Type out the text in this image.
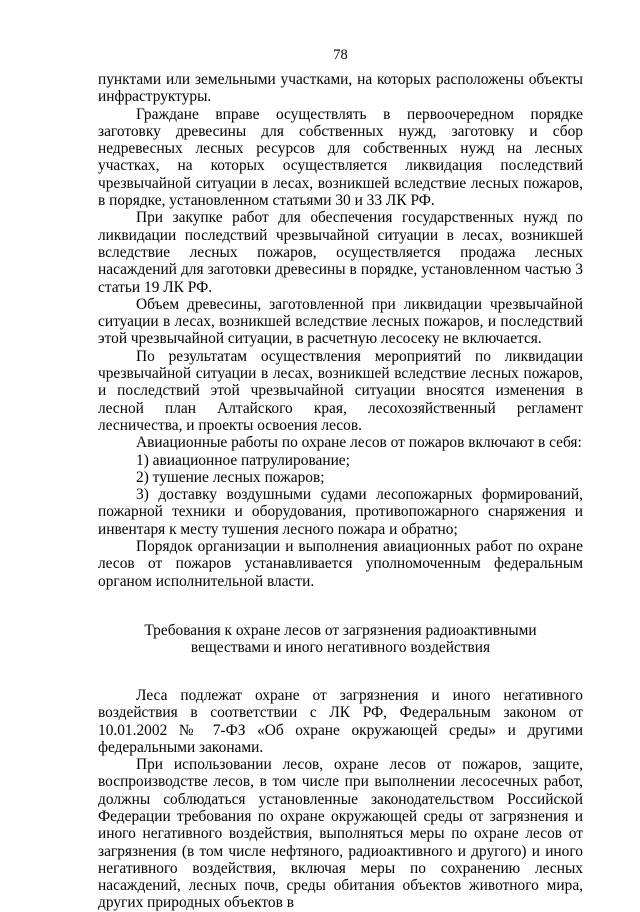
78

пунктами или земельными участками, на которых расположены объекты инфраструктуры.

Граждане вправе осуществлять в первоочередном порядке заготовку древесины для собственных нужд, заготовку и сбор недревесных лесных ресурсов для собственных нужд на лесных участках, на которых осуществляется ликвидация последствий чрезвычайной ситуации в лесах, возникшей вследствие лесных пожаров, в порядке, установленном статьями 30 и 33 ЛК РФ.

При закупке работ для обеспечения государственных нужд по ликвидации последствий чрезвычайной ситуации в лесах, возникшей вследствие лесных пожаров, осуществляется продажа лесных насаждений для заготовки древесины в порядке, установленном частью 3 статьи 19 ЛК РФ.

Объем древесины, заготовленной при ликвидации чрезвычайной ситуации в лесах, возникшей вследствие лесных пожаров, и последствий этой чрезвычайной ситуации, в расчетную лесосеку не включается.

По результатам осуществления мероприятий по ликвидации чрезвычайной ситуации в лесах, возникшей вследствие лесных пожаров, и последствий этой чрезвычайной ситуации вносятся изменения в лесной план Алтайского края, лесохозяйственный регламент лесничества, и проекты освоения лесов.

Авиационные работы по охране лесов от пожаров включают в себя:

1) авиационное патрулирование;

2) тушение лесных пожаров;

3) доставку воздушными судами лесопожарных формирований, пожарной техники и оборудования, противопожарного снаряжения и инвентаря к месту тушения лесного пожара и обратно;

Порядок организации и выполнения авиационных работ по охране лесов от пожаров устанавливается уполномоченным федеральным органом исполнительной власти.

Требования к охране лесов от загрязнения радиоактивными
веществами и иного негативного воздействия

Леса подлежат охране от загрязнения и иного негативного воздействия в соответствии с ЛК РФ, Федеральным законом от 10.01.2002 № 7-ФЗ «Об охране окружающей среды» и другими федеральными законами.

При использовании лесов, охране лесов от пожаров, защите, воспроизводстве лесов, в том числе при выполнении лесосечных работ, должны соблюдаться установленные законодательством Российской Федерации требования по охране окружающей среды от загрязнения и иного негативного воздействия, выполняться меры по охране лесов от загрязнения (в том числе нефтяного, радиоактивного и другого) и иного негативного воздействия, включая меры по сохранению лесных насаждений, лесных почв, среды обитания объектов животного мира, других природных объектов в
